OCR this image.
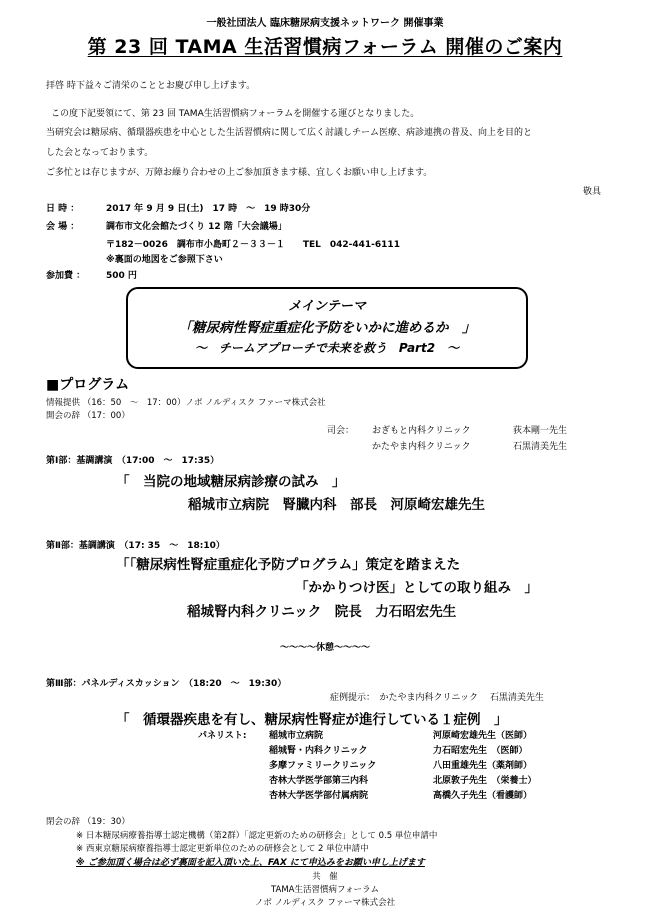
一般社団法人 臨床糖尿病支援ネットワーク 開催事業
第 23 回 TAMA 生活習慣病フォーラム 開催のご案内
拝啓 時下益々ご清栄のこととお慶び申し上げます。
この度下記要領にて、第 23 回 TAMA生活習慣病フォーラムを開催する運びとなりました。
当研究会は糖尿病、循環器疾患を中心とした生活習慣病に関して広く討議しチーム医療、病診連携の普及、向上を目的と
した会となっております。
ご多忙とは存じますが、万障お繰り合わせの上ご参加頂きます様、宜しくお願い申し上げます。
敬具
日 時 ：	2017 年 9 月 9 日(土)　17 時　～　19 時30分
会 場 ：	調布市文化会館たづくり 12 階「大会議場」
〒182－0026　調布市小島町２－３３－１　　TEL　042-441-6111
※裏面の地図をご参照下さい
参加費 ： 500 円
メインテーマ
「糖尿病性腎症重症化予防をいかに進めるか　」
～　チームアプローチで未来を救う　Part2　～
■プログラム
情報提供 （16：50　～　17：00）ノボ ノルディスク ファーマ株式会社
開会の辞 （17：00）
司会： おぎもと内科クリニック	荻本剛一先生
かたやま内科クリニック	石黒清美先生
第Ⅰ部：基調講演　（17:00　～　17:35）
「　当院の地域糖尿病診療の試み　」
稲城市立病院　腎臓内科　部長　河原崎宏雄先生
第Ⅱ部：基調講演　（17: 35　～　18:10）
「「糖尿病性腎症重症化予防プログラム」策定を踏まえた
「かかりつけ医」としての取り組み　」
稲城腎内科クリニック　院長　力石昭宏先生
～～～～休憩～～～～
第Ⅲ部：パネルディスカッション　（18:20　～　19:30）
症例提示：　かたやま内科クリニック　 石黒清美先生
「　循環器疾患を有し、糖尿病性腎症が進行している１症例　」
パネリスト:	稲城市立病院	河原崎宏雄先生（医師）
稲城腎・内科クリニック	力石昭宏先生　（医師）
多摩ファミリークリニック	八田重雄先生（薬剤師）
杏林大学医学部第三内科	北原敦子先生　（栄養士）
杏林大学医学部付属病院	高橋久子先生（看護師）
閉会の辞 （19：30）
※ 日本糖尿病療養指導士認定機構（第2群）「認定更新のための研修会」として 0.5 単位申請中
※ 西東京糖尿病療養指導士認定更新単位のための研修会として 2 単位申請中
※ ご参加頂く場合は必ず裏面を記入頂いた上、FAX にて申込みをお願い申し上げます
共　催
TAMA生活習慣病フォーラム
ノボ ノルディスク ファーマ株式会社
